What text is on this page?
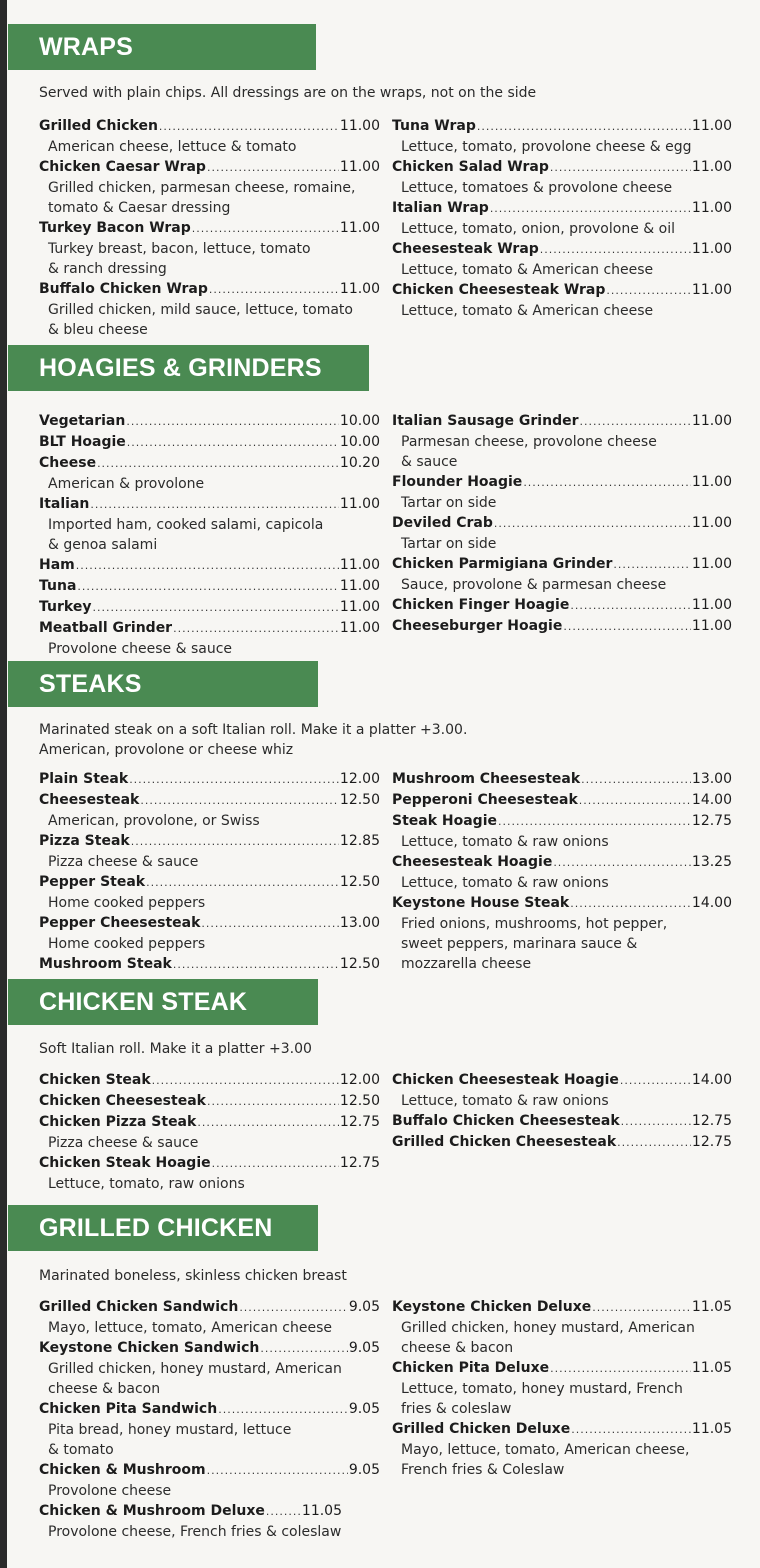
WRAPS
Served with plain chips. All dressings are on the wraps, not on the side
Grilled Chicken .....	11.00
American cheese, lettuce & tomato
Chicken Caesar Wrap .....	11.00
Grilled chicken, parmesan cheese, romaine,
tomato & Caesar dressing
Turkey Bacon Wrap .....	11.00
Turkey breast, bacon, lettuce, tomato
& ranch dressing
Buffalo Chicken Wrap .....	11.00
Grilled chicken, mild sauce, lettuce, tomato
& bleu cheese
Tuna Wrap .....	11.00
Lettuce, tomato, provolone cheese & egg
Chicken Salad Wrap .....	11.00
Lettuce, tomatoes & provolone cheese
Italian Wrap .....	11.00
Lettuce, tomato, onion, provolone & oil
Cheesesteak Wrap .....	11.00
Lettuce, tomato & American cheese
Chicken Cheesesteak Wrap .....	11.00
Lettuce, tomato & American cheese
HOAGIES & GRINDERS
Vegetarian .....	10.00
BLT Hoagie .....	10.00
Cheese .....	10.20
American & provolone
Italian .....	11.00
Imported ham, cooked salami, capicola
& genoa salami
Ham .....	11.00
Tuna .....	11.00
Turkey .....	11.00
Meatball Grinder .....	11.00
Provolone cheese & sauce
Italian Sausage Grinder .....	11.00
Parmesan cheese, provolone cheese
& sauce
Flounder Hoagie .....	11.00
Tartar on side
Deviled Crab .....	11.00
Tartar on side
Chicken Parmigiana Grinder .....	11.00
Sauce, provolone & parmesan cheese
Chicken Finger Hoagie .....	11.00
Cheeseburger Hoagie .....	11.00
STEAKS
Marinated steak on a soft Italian roll. Make it a platter +3.00.
American, provolone or cheese whiz
Plain Steak .....	12.00
Cheesesteak .....	12.50
American, provolone, or Swiss
Pizza Steak .....	12.85
Pizza cheese & sauce
Pepper Steak .....	12.50
Home cooked peppers
Pepper Cheesesteak .....	13.00
Home cooked peppers
Mushroom Steak .....	12.50
Mushroom Cheesesteak .....	13.00
Pepperoni Cheesesteak .....	14.00
Steak Hoagie .....	12.75
Lettuce, tomato & raw onions
Cheesesteak Hoagie .....	13.25
Lettuce, tomato & raw onions
Keystone House Steak .....	14.00
Fried onions, mushrooms, hot pepper,
sweet peppers, marinara sauce &
mozzarella cheese
CHICKEN STEAK
Soft Italian roll. Make it a platter +3.00
Chicken Steak .....	12.00
Chicken Cheesesteak .....	12.50
Chicken Pizza Steak .....	12.75
Pizza cheese & sauce
Chicken Steak Hoagie .....	12.75
Lettuce, tomato, raw onions
Chicken Cheesesteak Hoagie .....	14.00
Lettuce, tomato & raw onions
Buffalo Chicken Cheesesteak .....	12.75
Grilled Chicken Cheesesteak .....	12.75
GRILLED CHICKEN
Marinated boneless, skinless chicken breast
Grilled Chicken Sandwich .....	9.05
Mayo, lettuce, tomato, American cheese
Keystone Chicken Sandwich .....	9.05
Grilled chicken, honey mustard, American
cheese & bacon
Chicken Pita Sandwich .....	9.05
Pita bread, honey mustard, lettuce
& tomato
Chicken & Mushroom .....	9.05
Provolone cheese
Chicken & Mushroom Deluxe .....	11.05
Provolone cheese, French fries & coleslaw
Keystone Chicken Deluxe .....	11.05
Grilled chicken, honey mustard, American
cheese & bacon
Chicken Pita Deluxe .....	11.05
Lettuce, tomato, honey mustard, French
fries & coleslaw
Grilled Chicken Deluxe .....	11.05
Mayo, lettuce, tomato, American cheese,
French fries & Coleslaw
